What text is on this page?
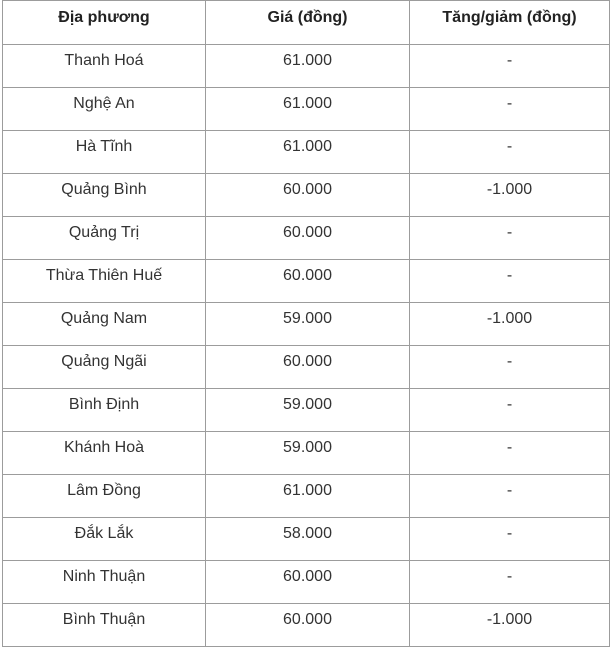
Địa phương	Giá (đồng)	Tăng/giảm (đồng)
Thanh Hoá	61.000	-
Nghệ An	61.000	-
Hà Tĩnh	61.000	-
Quảng Bình	60.000	-1.000
Quảng Trị	60.000	-
Thừa Thiên Huế	60.000	-
Quảng Nam	59.000	-1.000
Quảng Ngãi	60.000	-
Bình Định	59.000	-
Khánh Hoà	59.000	-
Lâm Đồng	61.000	-
Đắk Lắk	58.000	-
Ninh Thuận	60.000	-
Bình Thuận	60.000	-1.000
